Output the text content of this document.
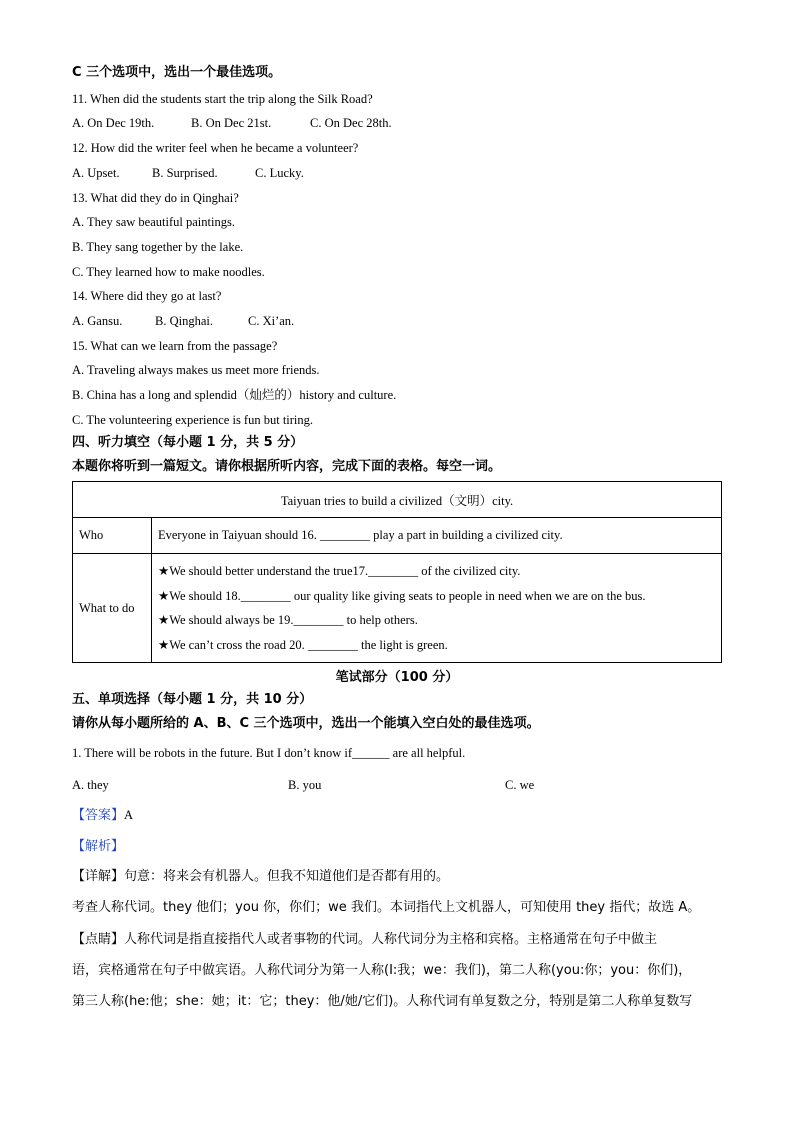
C 三个选项中，选出一个最佳选项。
11. When did the students start the trip along the Silk Road?
A. On Dec 19th.	B. On Dec 21st.	C. On Dec 28th.
12. How did the writer feel when he became a volunteer?
A. Upset.	B. Surprised.	C. Lucky.
13. What did they do in Qinghai?
A. They saw beautiful paintings.
B. They sang together by the lake.
C. They learned how to make noodles.
14. Where did they go at last?
A. Gansu.	B. Qinghai.	C. Xi’an.
15. What can we learn from the passage?
A. Traveling always makes us meet more friends.
B. China has a long and splendid（灿烂的）history and culture.
C. The volunteering experience is fun but tiring.
四、听力填空（每小题 1 分，共 5 分）
本题你将听到一篇短文。请你根据所听内容，完成下面的表格。每空一词。
Taiyuan tries to build a civilized（文明）city.	
Who	Everyone in Taiyuan should 16. ________ play a part in building a civilized city.
What to do	★We should better understand the true17.________ of the civilized city.
★We should 18.________ our quality like giving seats to people in need when we are on the bus.
★We should always be 19.________ to help others.
★We can’t cross the road 20. ________ the light is green.
笔试部分（100 分）
五、单项选择（每小题 1 分，共 10 分）
请你从每小题所给的 A、B、C 三个选项中，选出一个能填入空白处的最佳选项。
1. There will be robots in the future. But I don’t know if______ are all helpful.
A. they	B. you	C. we
【答案】A
【解析】
【详解】句意：将来会有机器人。但我不知道他们是否都有用的。
考查人称代词。they 他们；you 你，你们；we 我们。本词指代上文机器人，可知使用 they 指代；故选 A。
【点睛】人称代词是指直接指代人或者事物的代词。人称代词分为主格和宾格。主格通常在句子中做主
语，宾格通常在句子中做宾语。人称代词分为第一人称(I:我；we：我们)，第二人称(you:你；you：你们)，
第三人称(he:他；she：她；it：它；they：他/她/它们)。人称代词有单复数之分，特别是第二人称单复数写
